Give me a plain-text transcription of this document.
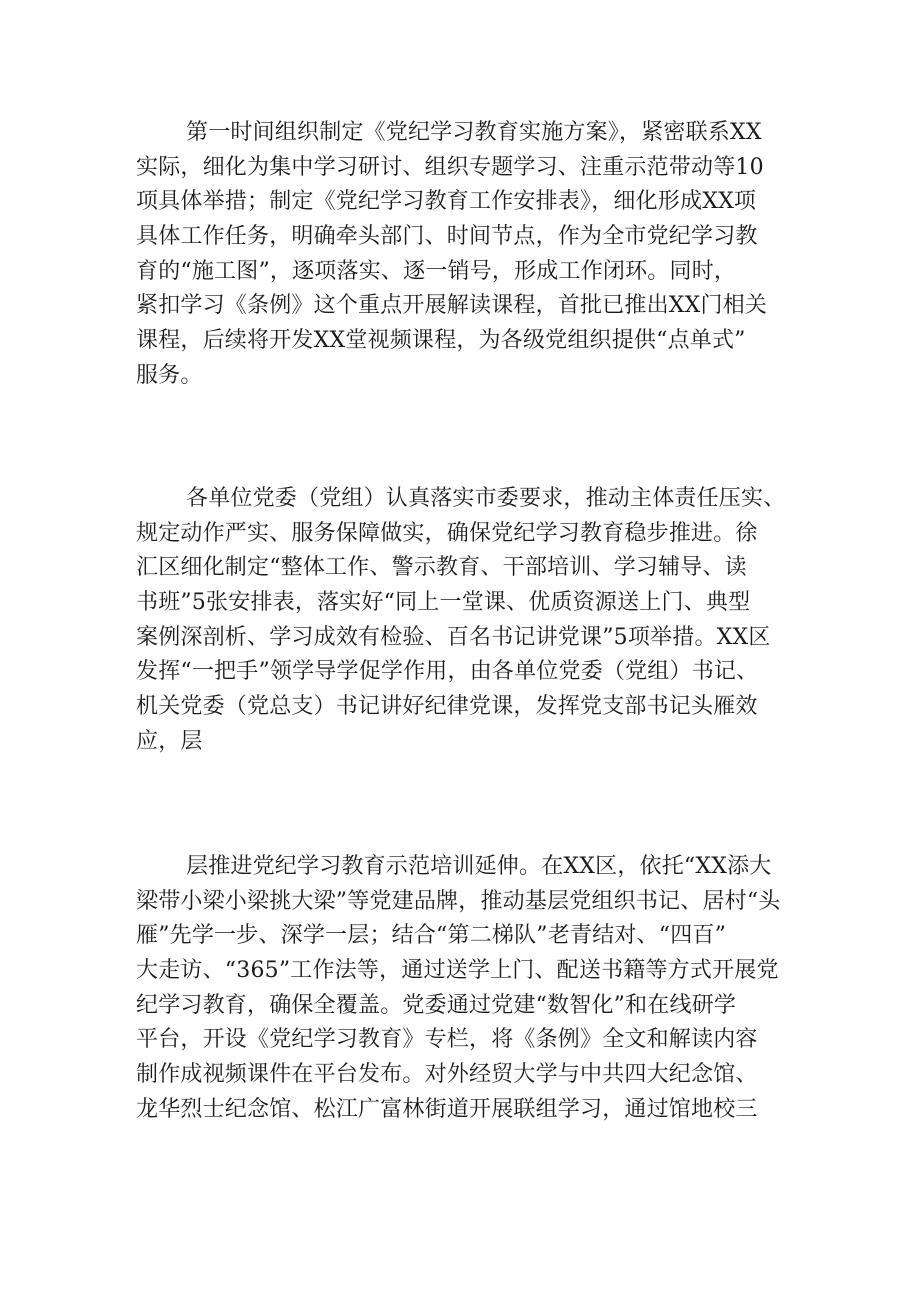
第一时间组织制定《党纪学习教育实施方案》，紧密联系XX
实际，细化为集中学习研讨、组织专题学习、注重示范带动等10
项具体举措；制定《党纪学习教育工作安排表》，细化形成XX项
具体工作任务，明确牵头部门、时间节点，作为全市党纪学习教
育的“施工图”，逐项落实、逐一销号，形成工作闭环。同时，
紧扣学习《条例》这个重点开展解读课程，首批已推出XX门相关
课程，后续将开发XX堂视频课程，为各级党组织提供“点单式”
服务。
各单位党委（党组）认真落实市委要求，推动主体责任压实、
规定动作严实、服务保障做实，确保党纪学习教育稳步推进。徐
汇区细化制定“整体工作、警示教育、干部培训、学习辅导、读
书班”5张安排表，落实好“同上一堂课、优质资源送上门、典型
案例深剖析、学习成效有检验、百名书记讲党课”5项举措。XX区
发挥“一把手”领学导学促学作用，由各单位党委（党组）书记、
机关党委（党总支）书记讲好纪律党课，发挥党支部书记头雁效
应，层
层推进党纪学习教育示范培训延伸。在XX区，依托“XX添大
梁带小梁小梁挑大梁”等党建品牌，推动基层党组织书记、居村“头
雁”先学一步、深学一层；结合“第二梯队”老青结对、“四百”
大走访、“365”工作法等，通过送学上门、配送书籍等方式开展党
纪学习教育，确保全覆盖。党委通过党建“数智化”和在线研学
平台，开设《党纪学习教育》专栏，将《条例》全文和解读内容
制作成视频课件在平台发布。对外经贸大学与中共四大纪念馆、
龙华烈士纪念馆、松江广富林街道开展联组学习，通过馆地校三
